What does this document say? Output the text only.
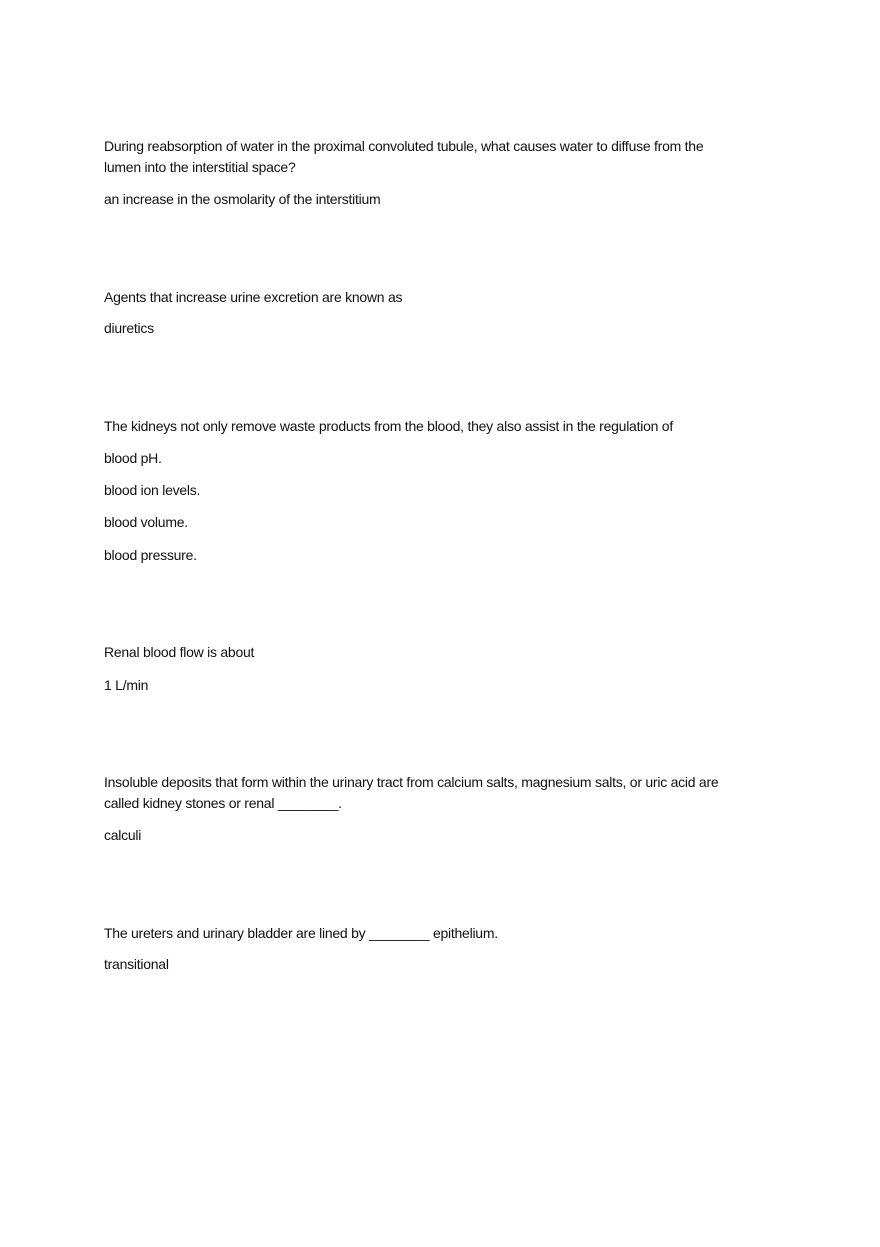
During reabsorption of water in the proximal convoluted tubule, what causes water to diffuse from the
lumen into the interstitial space?
an increase in the osmolarity of the interstitium
Agents that increase urine excretion are known as
diuretics
The kidneys not only remove waste products from the blood, they also assist in the regulation of
blood pH.
blood ion levels.
blood volume.
blood pressure.
Renal blood flow is about
1 L/min
Insoluble deposits that form within the urinary tract from calcium salts, magnesium salts, or uric acid are
called kidney stones or renal ________.
calculi
The ureters and urinary bladder are lined by ________ epithelium.
transitional
